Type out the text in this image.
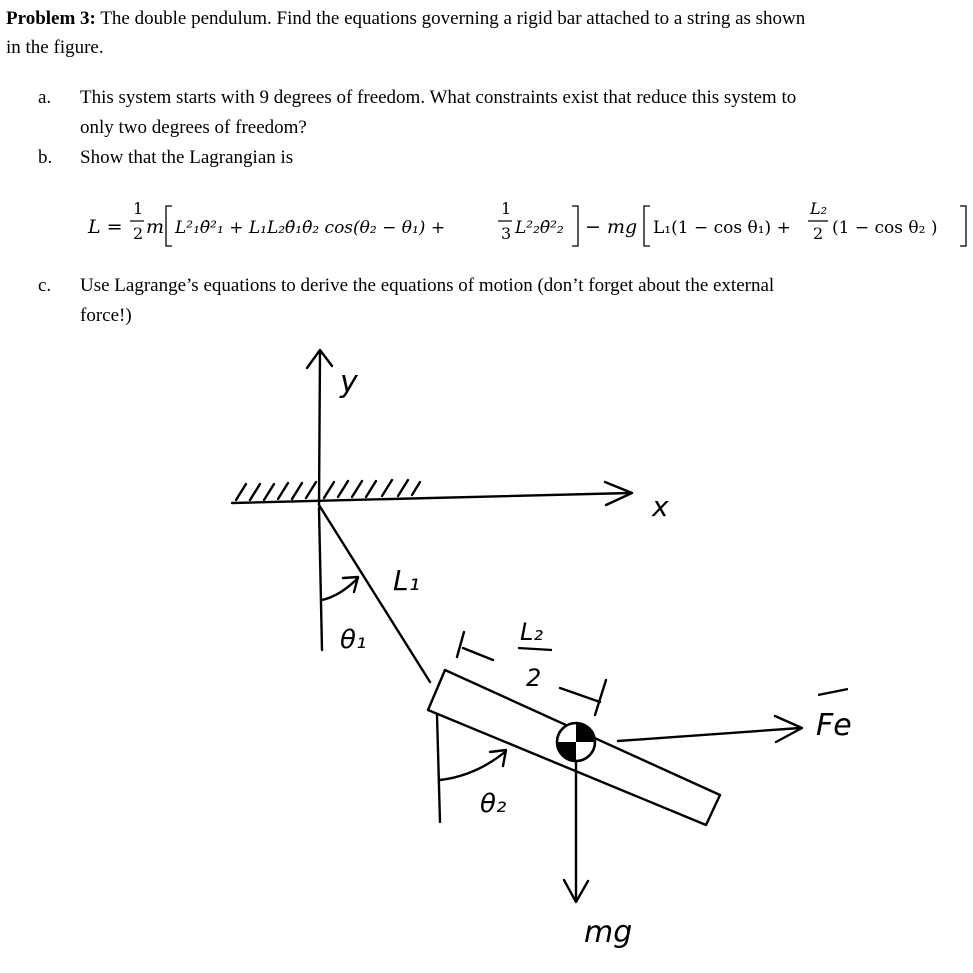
Problem 3: The double pendulum. Find the equations governing a rigid bar attached to a string as shown
in the figure.
a.	This system starts with 9 degrees of freedom. What constraints exist that reduce this system to
only two degrees of freedom?
b.	Show that the Lagrangian is
c.	Use Lagrange’s equations to derive the equations of motion (don’t forget about the external
force!)
L =
1
2 m L²₁θ̇²₁ + L₁L₂θ̇₁θ̇₂ cos(θ₂ − θ₁) +
1
3 L²₂θ̇²₂ − mg L₁(1 − cos θ₁) +
L₂
2 (1 − cos θ₂ )
y
x
L₁
θ₁	L₂
2
θ₂
Fe
mg
